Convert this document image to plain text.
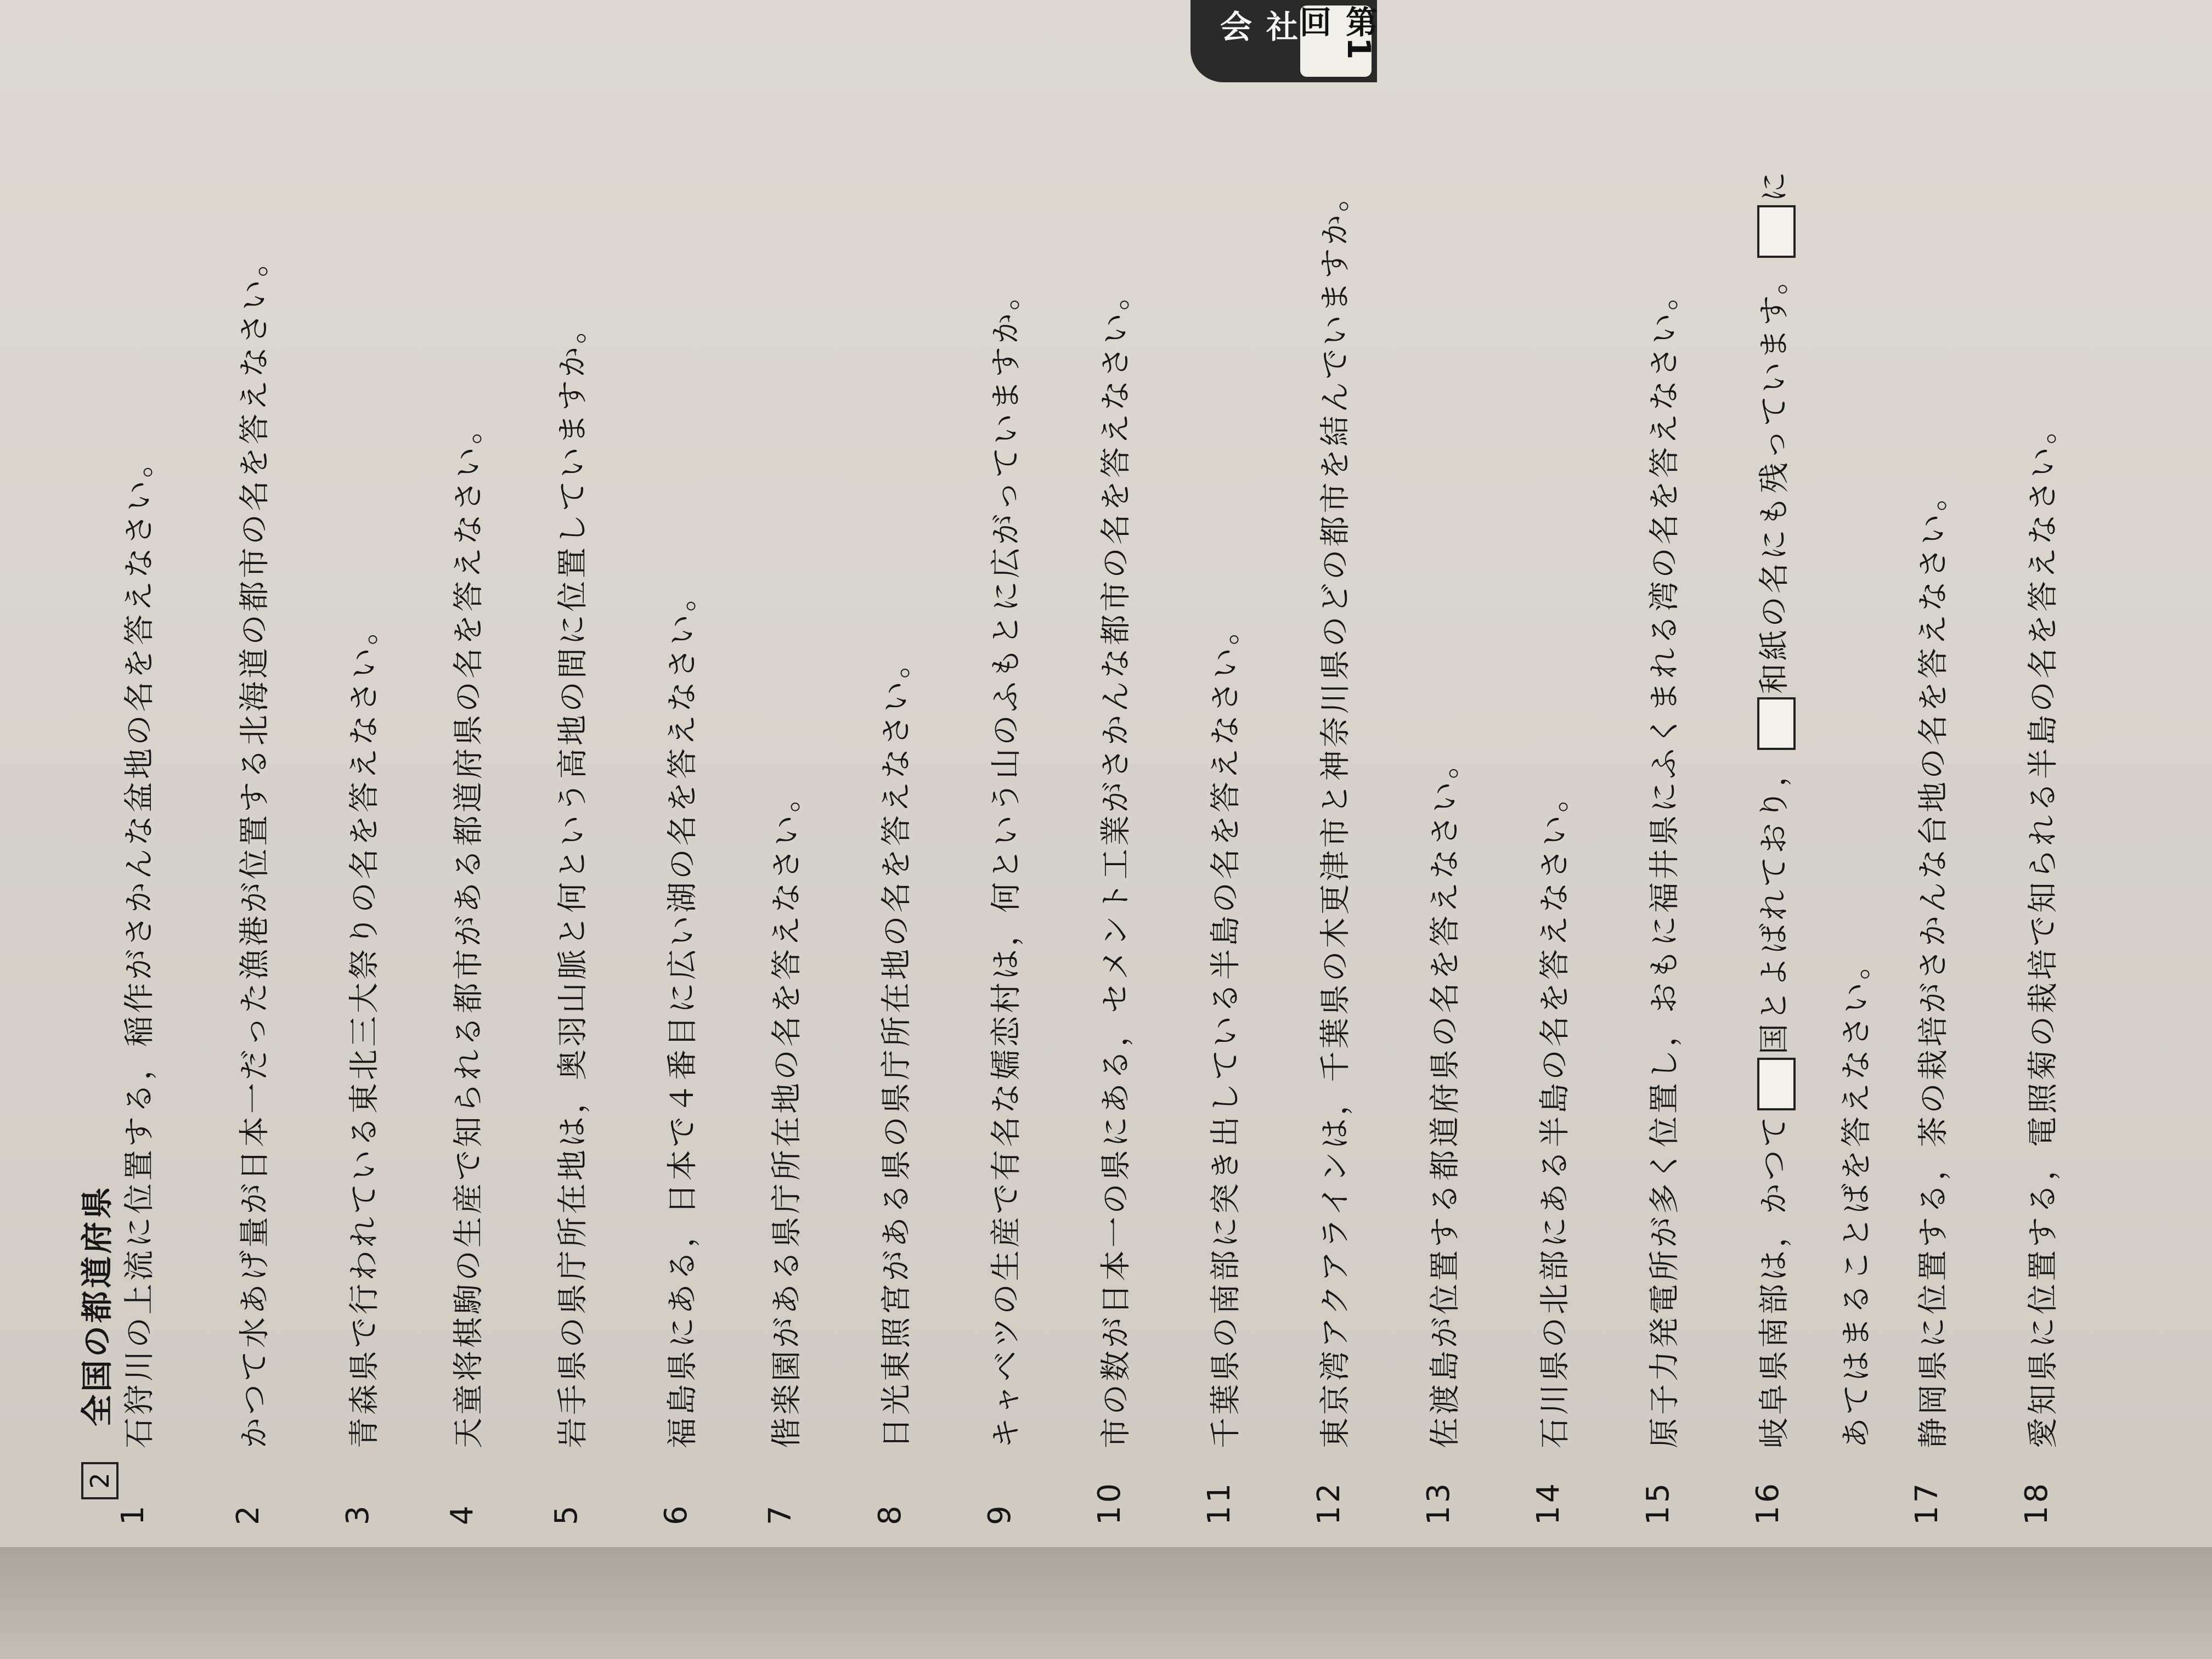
社会	第1回
2
全国の都道府県
1
石狩川の上流に位置する，稲作がさかんな盆地の名を答えなさい。
2
かつて水あげ量が日本一だった漁港が位置する北海道の都市の名を答えなさい。
3
青森県で行われている東北三大祭りの名を答えなさい。
4
天童将棋駒の生産で知られる都市がある都道府県の名を答えなさい。
5
岩手県の県庁所在地は，奥羽山脈と何という高地の間に位置していますか。
6
福島県にある，日本で４番目に広い湖の名を答えなさい。
7
偕楽園がある県庁所在地の名を答えなさい。
8
日光東照宮がある県の県庁所在地の名を答えなさい。
9
キャベツの生産で有名な嬬恋村は，何という山のふもとに広がっていますか。
10
市の数が日本一の県にある，セメント工業がさかんな都市の名を答えなさい。
11
千葉県の南部に突き出している半島の名を答えなさい。
12
東京湾アクアラインは，千葉県の木更津市と神奈川県のどの都市を結んでいますか。
13
佐渡島が位置する都道府県の名を答えなさい。
14
石川県の北部にある半島の名を答えなさい。
15
原子力発電所が多く位置し，おもに福井県にふくまれる湾の名を答えなさい。
16
あてはまることばを答えなさい。
岐阜県南部は，かつて国とよばれており，和紙の名にも残っています。に
17
静岡県に位置する，茶の栽培がさかんな台地の名を答えなさい。
18
愛知県に位置する，電照菊の栽培で知られる半島の名を答えなさい。
